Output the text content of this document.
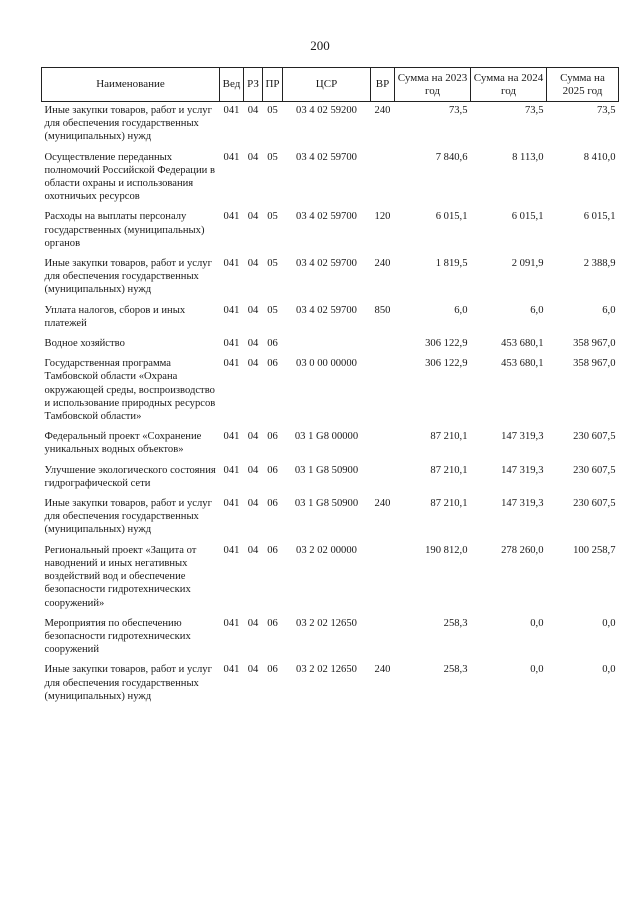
200
Наименование	Вед	РЗ	ПР	ЦСР	ВР	Сумма на 2023 год	Сумма на 2024 год	Сумма на 2025 год
Иные закупки товаров, работ и услуг для обеспечения государственных (муниципальных) нужд	041	04	05	03 4 02 59200	240	73,5	73,5	73,5
Осуществление переданных полномочий Российской Федерации в области охраны и использования охотничьих ресурсов	041	04	05	03 4 02 59700		7 840,6	8 113,0	8 410,0
Расходы на выплаты персоналу государственных (муниципальных) органов	041	04	05	03 4 02 59700	120	6 015,1	6 015,1	6 015,1
Иные закупки товаров, работ и услуг для обеспечения государственных (муниципальных) нужд	041	04	05	03 4 02 59700	240	1 819,5	2 091,9	2 388,9
Уплата налогов, сборов и иных платежей	041	04	05	03 4 02 59700	850	6,0	6,0	6,0
Водное хозяйство	041	04	06			306 122,9	453 680,1	358 967,0
Государственная программа Тамбовской области «Охрана окружающей среды, воспроизводство и использование природных ресурсов Тамбовской области»	041	04	06	03 0 00 00000		306 122,9	453 680,1	358 967,0
Федеральный проект «Сохранение уникальных водных объектов»	041	04	06	03 1 G8 00000		87 210,1	147 319,3	230 607,5
Улучшение экологического состояния гидрографической сети	041	04	06	03 1 G8 50900		87 210,1	147 319,3	230 607,5
Иные закупки товаров, работ и услуг для обеспечения государственных (муниципальных) нужд	041	04	06	03 1 G8 50900	240	87 210,1	147 319,3	230 607,5
Региональный проект «Защита от наводнений и иных негативных воздействий вод и обеспечение безопасности гидротехнических сооружений»	041	04	06	03 2 02 00000		190 812,0	278 260,0	100 258,7
Мероприятия по обеспечению безопасности гидротехнических сооружений	041	04	06	03 2 02 12650		258,3	0,0	0,0
Иные закупки товаров, работ и услуг для обеспечения государственных (муниципальных) нужд	041	04	06	03 2 02 12650	240	258,3	0,0	0,0
